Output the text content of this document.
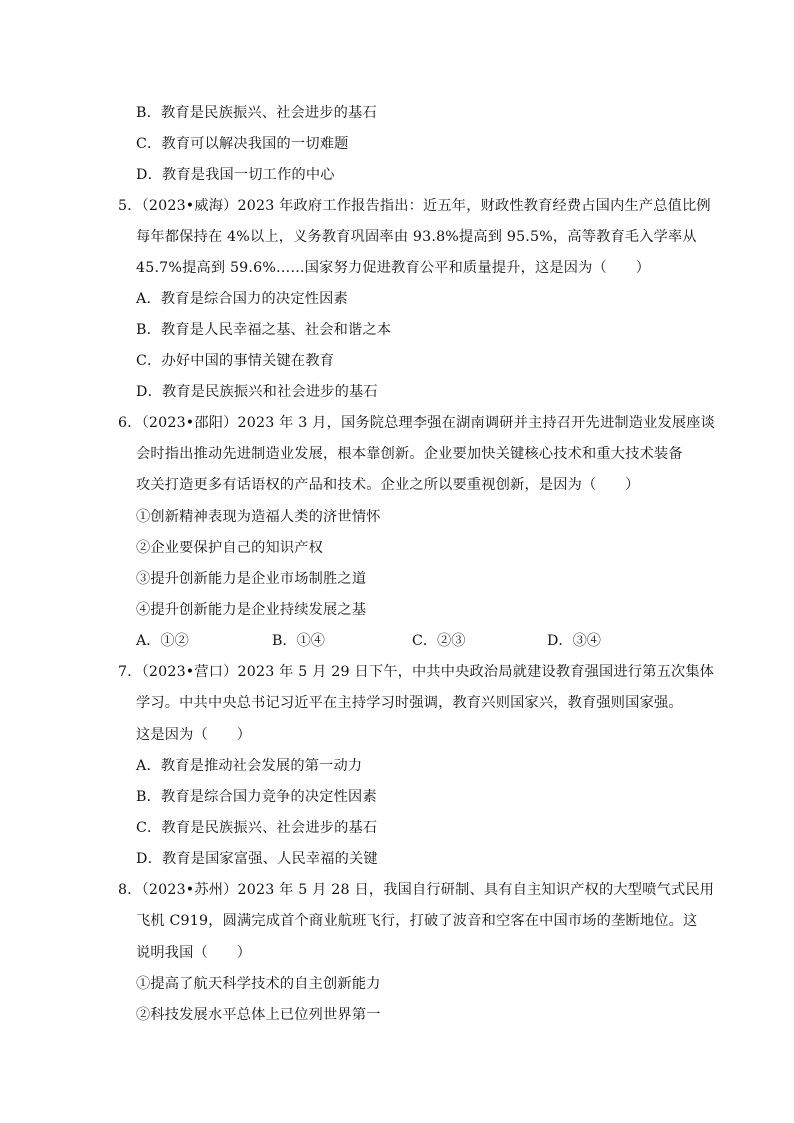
B．教育是民族振兴、社会进步的基石
C．教育可以解决我国的一切难题
D．教育是我国一切工作的中心
5．（2023•威海）2023 年政府工作报告指出：近五年，财政性教育经费占国内生产总值比例
每年都保持在 4%以上，义务教育巩固率由 93.8%提高到 95.5%，高等教育毛入学率从
45.7%提高到 59.6%……国家努力促进教育公平和质量提升，这是因为（　　）
A．教育是综合国力的决定性因素
B．教育是人民幸福之基、社会和谐之本
C．办好中国的事情关键在教育
D．教育是民族振兴和社会进步的基石
6．（2023•邵阳）2023 年 3 月，国务院总理李强在湖南调研并主持召开先进制造业发展座谈
会时指出推动先进制造业发展，根本靠创新。企业要加快关键核心技术和重大技术装备
攻关打造更多有话语权的产品和技术。企业之所以要重视创新，是因为（　　）
①创新精神表现为造福人类的济世情怀
②企业要保护自己的知识产权
③提升创新能力是企业市场制胜之道
④提升创新能力是企业持续发展之基
A．①②	B．①④	C．②③	D．③④
7．（2023•营口）2023 年 5 月 29 日下午，中共中央政治局就建设教育强国进行第五次集体
学习。中共中央总书记习近平在主持学习时强调，教育兴则国家兴，教育强则国家强。
这是因为（　　）
A．教育是推动社会发展的第一动力
B．教育是综合国力竞争的决定性因素
C．教育是民族振兴、社会进步的基石
D．教育是国家富强、人民幸福的关键
8．（2023•苏州）2023 年 5 月 28 日，我国自行研制、具有自主知识产权的大型喷气式民用
飞机 C919，圆满完成首个商业航班飞行，打破了波音和空客在中国市场的垄断地位。这
说明我国（　　）
①提高了航天科学技术的自主创新能力
②科技发展水平总体上已位列世界第一
